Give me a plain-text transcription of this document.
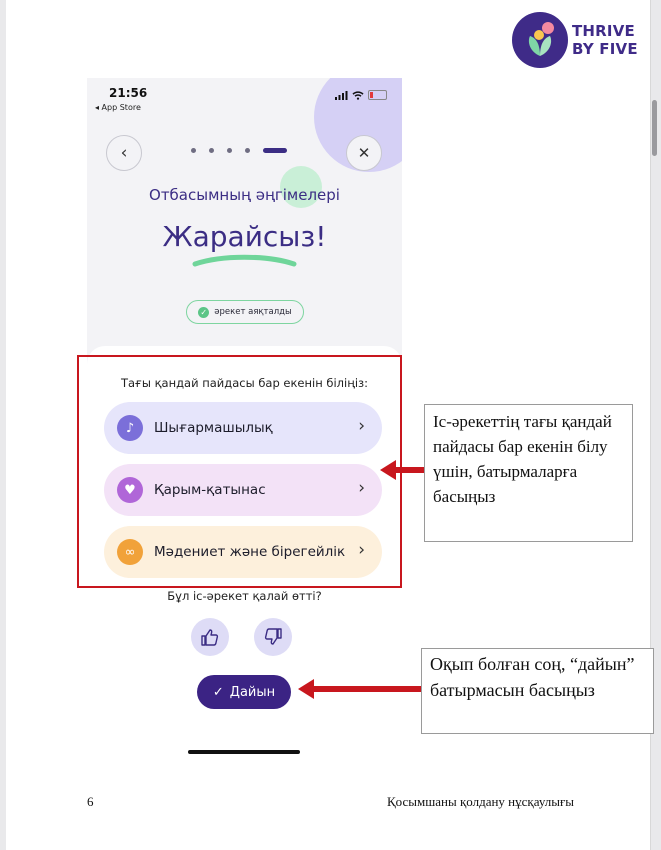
THRIVE
BY FIVE
21:56
◂ App Store
‹	✕
Отбасымның әңгімелері
Жарайсыз!
✓ әрекет аяқталды
Тағы қандай пайдасы бар екенін біліңіз:
♪	Шығармашылық	›
♥	Қарым-қатынас	›
∞	Мәдениет және бірегейлік ›
Бұл іс-әрекет қалай өтті?
✓ Дайын
Іс-әрекеттің тағы қандай пайдасы бар екенін білу үшін, батырмаларға басыңыз
Оқып болған соң, “дайын” батырмасын басыңыз
6	Қосымшаны қолдану нұсқаулығы
